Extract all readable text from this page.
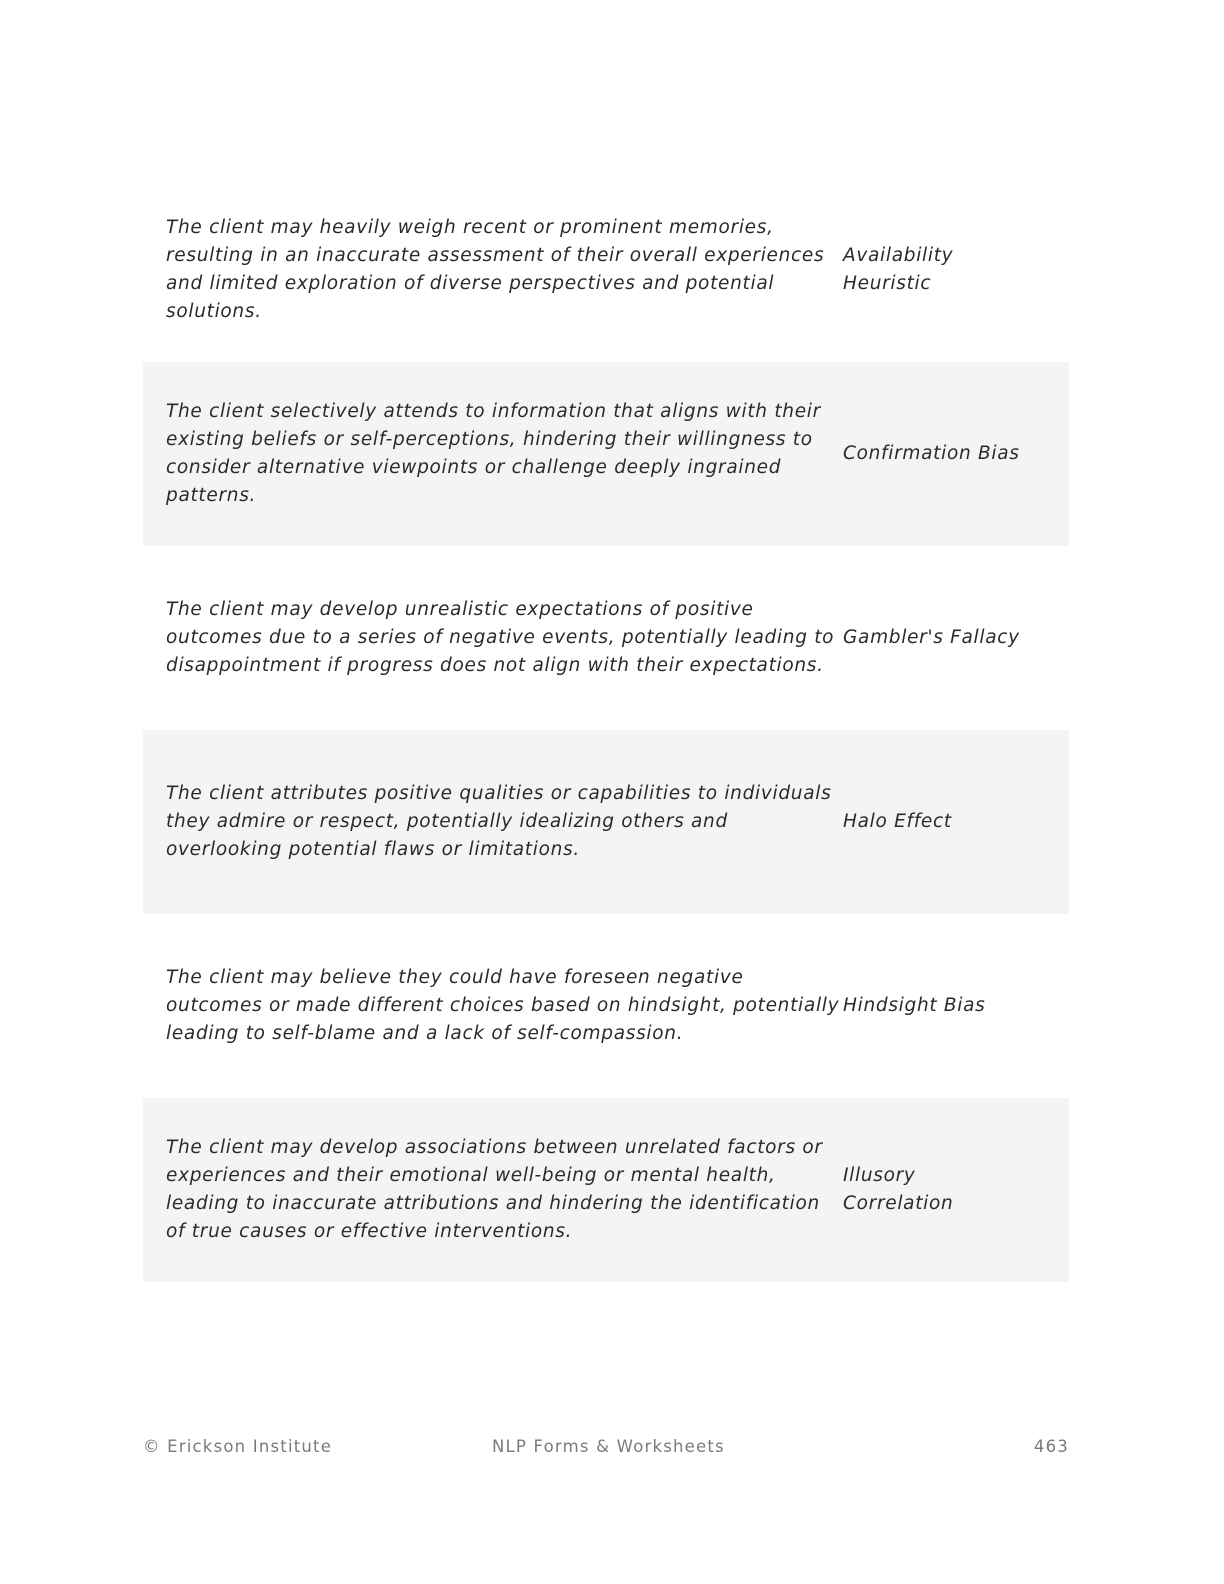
The client may heavily weigh recent or prominent memories, resulting in an inaccurate assessment of their overall experiences and limited exploration of diverse perspectives and potential solutions.
Availability Heuristic
The client selectively attends to information that aligns with their existing beliefs or self-perceptions, hindering their willingness to consider alternative viewpoints or challenge deeply ingrained patterns.
Confirmation Bias
The client may develop unrealistic expectations of positive outcomes due to a series of negative events, potentially leading to disappointment if progress does not align with their expectations.
Gambler's Fallacy
The client attributes positive qualities or capabilities to individuals they admire or respect, potentially idealizing others and overlooking potential flaws or limitations.
Halo Effect
The client may believe they could have foreseen negative outcomes or made different choices based on hindsight, potentially leading to self-blame and a lack of self-compassion.
Hindsight Bias
The client may develop associations between unrelated factors or experiences and their emotional well-being or mental health, leading to inaccurate attributions and hindering the identification of true causes or effective interventions.
Illusory Correlation
© Erickson Institute	NLP Forms & Worksheets	463
